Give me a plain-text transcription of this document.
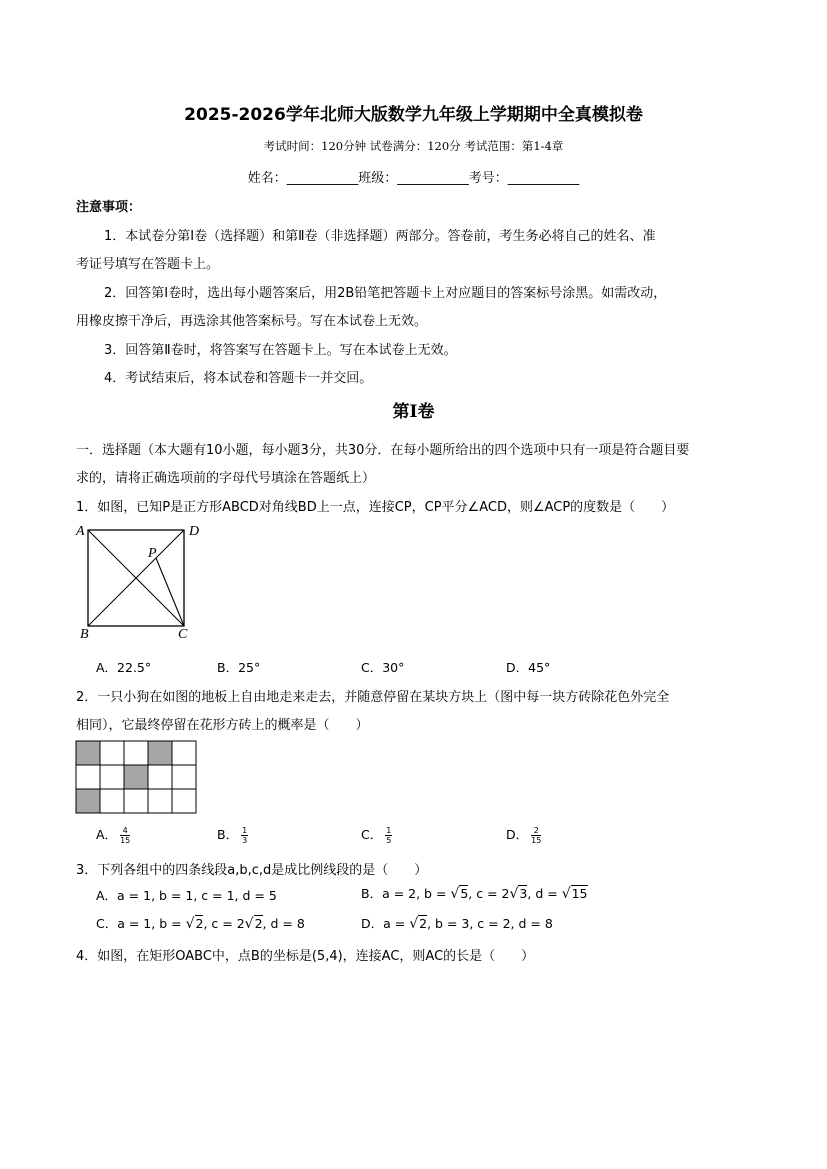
2025-2026学年北师大版数学九年级上学期期中全真模拟卷
考试时间：120分钟 试卷满分：120分 考试范围：第1-4章
姓名：___________班级：___________考号：___________
注意事项：
1．本试卷分第Ⅰ卷（选择题）和第Ⅱ卷（非选择题）两部分。答卷前，考生务必将自己的姓名、准
考证号填写在答题卡上。
2．回答第Ⅰ卷时，选出每小题答案后，用2B铅笔把答题卡上对应题目的答案标号涂黑。如需改动，
用橡皮擦干净后，再选涂其他答案标号。写在本试卷上无效。
3．回答第Ⅱ卷时，将答案写在答题卡上。写在本试卷上无效。
4．考试结束后，将本试卷和答题卡一并交回。
第Ⅰ卷
一．选择题（本大题有10小题，每小题3分，共30分．在每小题所给出的四个选项中只有一项是符合题目要
求的，请将正确选项前的字母代号填涂在答题纸上）
1．如图，已知P是正方形ABCD对角线BD上一点，连接CP，CP平分∠ACD，则∠ACP的度数是（　　）
A	D
P
B	C
A．22.5°	B．25°	C．30°	D．45°
2．一只小狗在如图的地板上自由地走来走去，并随意停留在某块方块上（图中每一块方砖除花色外完全
相同），它最终停留在花形方砖上的概率是（　　）
A． $\frac{4}{15}$	B． $\frac{1}{3}$	C． $\frac{1}{5}$	D． $\frac{2}{15}$
3．下列各组中的四条线段a,b,c,d是成比例线段的是（　　）
A．a = 1, b = 1, c = 1, d = 5	B．a = 2, b = √5, c = 2√3, d = √15
C．a = 1, b = √2, c = 2√2, d = 8	D．a = √2, b = 3, c = 2, d = 8
4．如图，在矩形OABC中，点B的坐标是(5,4)，连接AC，则AC的长是（　　）
